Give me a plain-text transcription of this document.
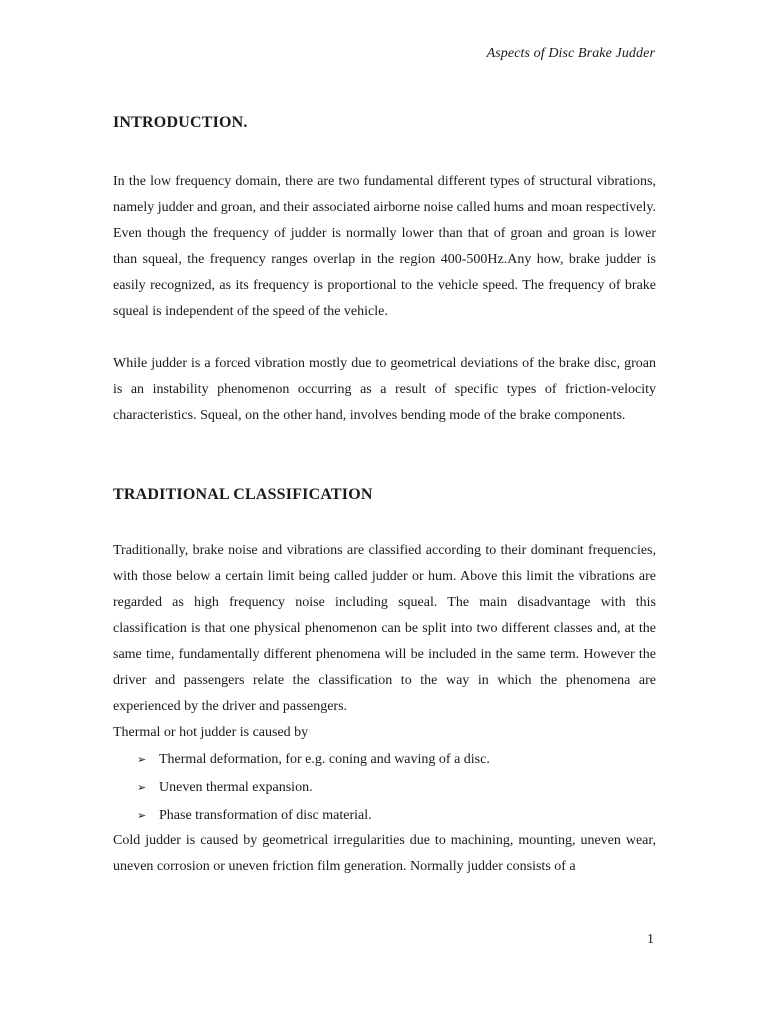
Aspects of Disc Brake Judder
INTRODUCTION.

In the low frequency domain, there are two fundamental different types of structural vibrations, namely judder and groan, and their associated airborne noise called hums and moan respectively. Even though the frequency of judder is normally lower than that of groan and groan is lower than squeal, the frequency ranges overlap in the region 400-500Hz.Any how, brake judder is easily recognized, as its frequency is proportional to the vehicle speed. The frequency of brake squeal is independent of the speed of the vehicle.

While judder is a forced vibration mostly due to geometrical deviations of the brake disc, groan is an instability phenomenon occurring as a result of specific types of friction-velocity characteristics. Squeal, on the other hand, involves bending mode of the brake components.

TRADITIONAL CLASSIFICATION

Traditionally, brake noise and vibrations are classified according to their dominant frequencies, with those below a certain limit being called judder or hum. Above this limit the vibrations are regarded as high frequency noise including squeal. The main disadvantage with this classification is that one physical phenomenon can be split into two different classes and, at the same time, fundamentally different phenomena will be included in the same term. However the driver and passengers relate the classification to the way in which the phenomena are experienced by the driver and passengers.

Thermal or hot judder is caused by

➢ Thermal deformation, for e.g. coning and waving of a disc.
➢ Uneven thermal expansion.
➢ Phase transformation of disc material.

Cold judder is caused by geometrical irregularities due to machining, mounting, uneven wear, uneven corrosion or uneven friction film generation. Normally judder consists of a

1
